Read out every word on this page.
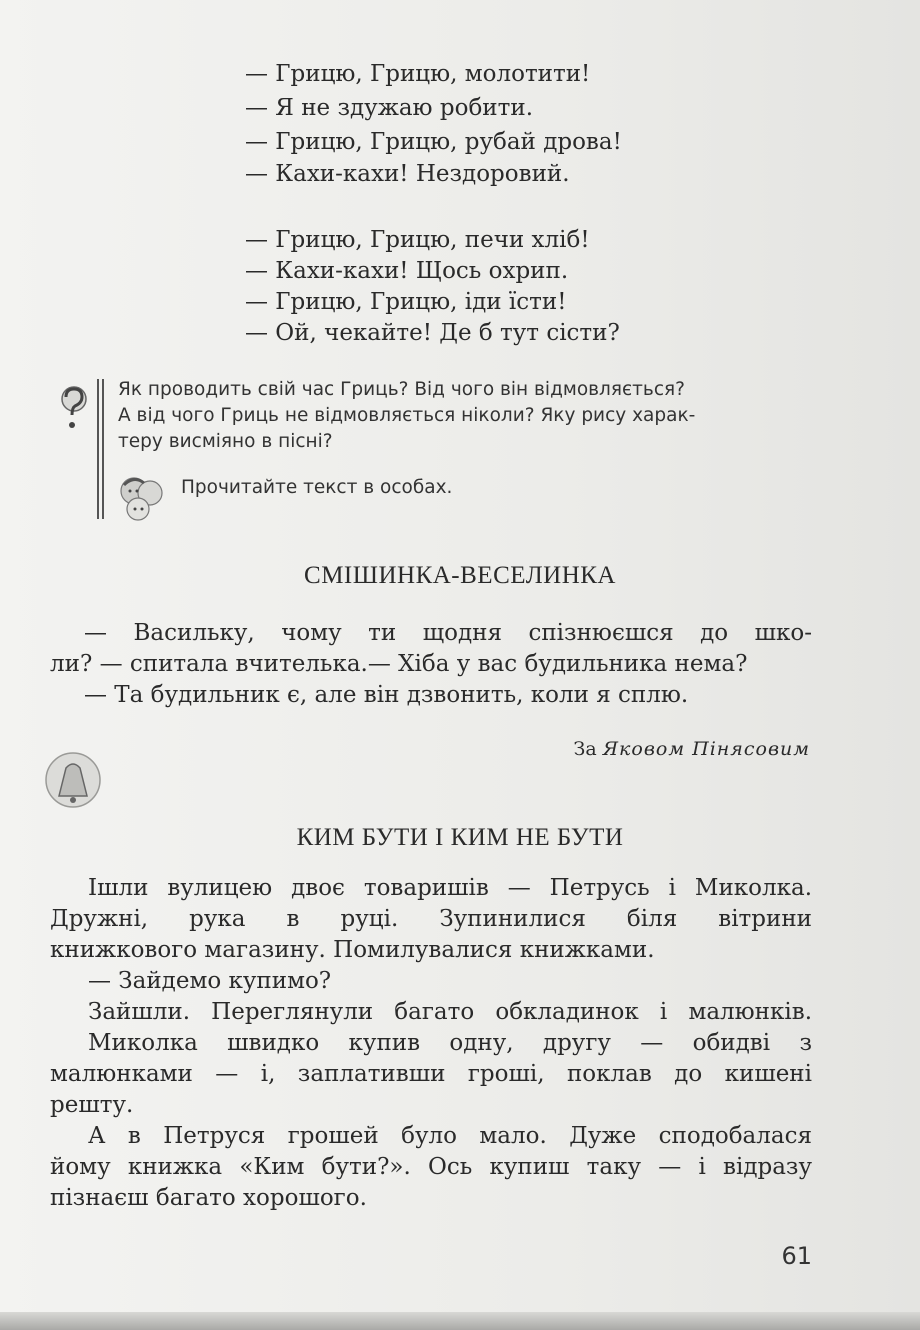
— Грицю, Грицю, молотити!
— Я не здужаю робити.
— Грицю, Грицю, рубай дрова!
— Кахи-кахи! Нездоровий.
— Грицю, Грицю, печи хліб!
— Кахи-кахи! Щось охрип.
— Грицю, Грицю, іди їсти!
— Ой, чекайте! Де б тут сісти?
Як проводить свій час Гриць? Від чого він відмовляється?
А від чого Гриць не відмовляється ніколи? Яку рису харак-
теру висміяно в пісні?
Прочитайте текст в особах.
СМІШИНКА-ВЕСЕЛИНКА
— Васильку, чому ти щодня спізнюєшся до шко-
ли? — спитала вчителька.— Хіба у вас будильника нема?
— Та будильник є, але він дзвонить, коли я сплю.
За Яковом Пінясовим
КИМ БУТИ І КИМ НЕ БУТИ
Ішли вулицею двоє товаришів — Петрусь і Миколка.
Дружні, рука в руці. Зупинилися біля вітрини
книжкового магазину. Помилувалися книжками.
— Зайдемо купимо?
Зайшли. Переглянули багато обкладинок і малюнків.
Миколка швидко купив одну, другу — обидві з
малюнками — і, заплативши гроші, поклав до кишені
решту.
А в Петруся грошей було мало. Дуже сподобалася
йому книжка «Ким бути?». Ось купиш таку — і відразу
пізнаєш багато хорошого.
61
